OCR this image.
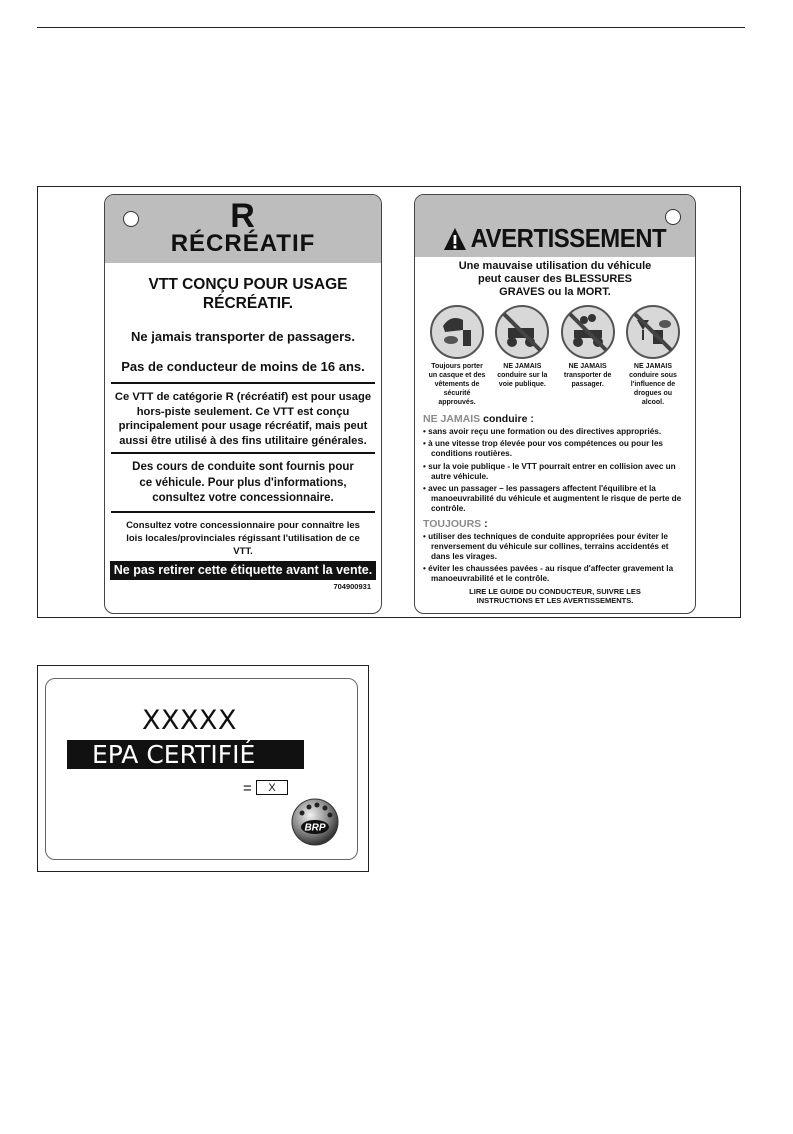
R
RÉCRÉATIF
VTT CONÇU POUR USAGE RÉCRÉATIF.
Ne jamais transporter de passagers.
Pas de conducteur de moins de 16 ans.
Ce VTT de catégorie R (récréatif) est pour usage hors-piste seulement. Ce VTT est conçu principalement pour usage récréatif, mais peut aussi être utilisé à des fins utilitaire générales.
Des cours de conduite sont fournis pour ce véhicule. Pour plus d'informations, consultez votre concessionnaire.
Consultez votre concessionnaire pour connaître les lois locales/provinciales régissant l'utilisation de ce VTT.
Ne pas retirer cette étiquette avant la vente.
704900931
AVERTISSEMENT
Une mauvaise utilisation du véhicule peut causer des BLESSURES GRAVES ou la MORT.
Toujours porter un casque et des vêtements de sécurité approuvés.
NE JAMAIS conduire sur la voie publique.
NE JAMAIS transporter de passager.
NE JAMAIS conduire sous l'influence de drogues ou alcool.
NE JAMAIS conduire :
• sans avoir reçu une formation ou des directives appropriés.
• à une vitesse trop élevée pour vos compétences ou pour les conditions routières.
• sur la voie publique - le VTT pourrait entrer en collision avec un autre véhicule.
• avec un passager – les passagers affectent l'équilibre et la manoeuvrabilité du véhicule et augmentent le risque de perte de contrôle.
TOUJOURS :
• utiliser des techniques de conduite appropriées pour éviter le renversement du véhicule sur collines, terrains accidentés et dans les virages.
• éviter les chaussées pavées - au risque d'affecter gravement la manoeuvrabilité et le contrôle.
LIRE LE GUIDE DU CONDUCTEUR, SUIVRE LES INSTRUCTIONS ET LES AVERTISSEMENTS.
XXXXX
EPA CERTIFIÉ
=	X
BRP
